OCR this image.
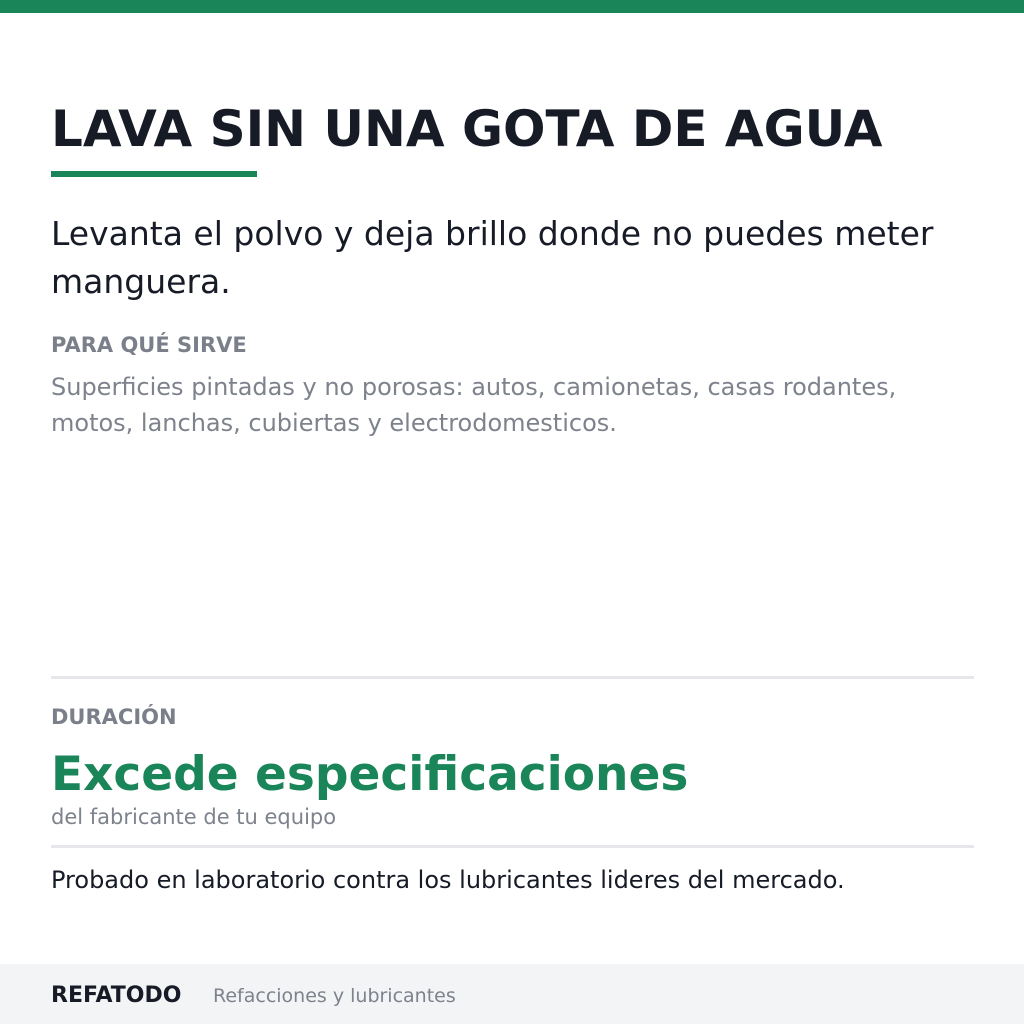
LAVA SIN UNA GOTA DE AGUA

Levanta el polvo y deja brillo donde no puedes meter manguera.

PARA QUÉ SIRVE

Superficies pintadas y no porosas: autos, camionetas, casas rodantes, motos, lanchas, cubiertas y electrodomesticos.

DURACIÓN
Excede especificaciones
del fabricante de tu equipo

Probado en laboratorio contra los lubricantes lideres del mercado.

REFATODO Refacciones y lubricantes
